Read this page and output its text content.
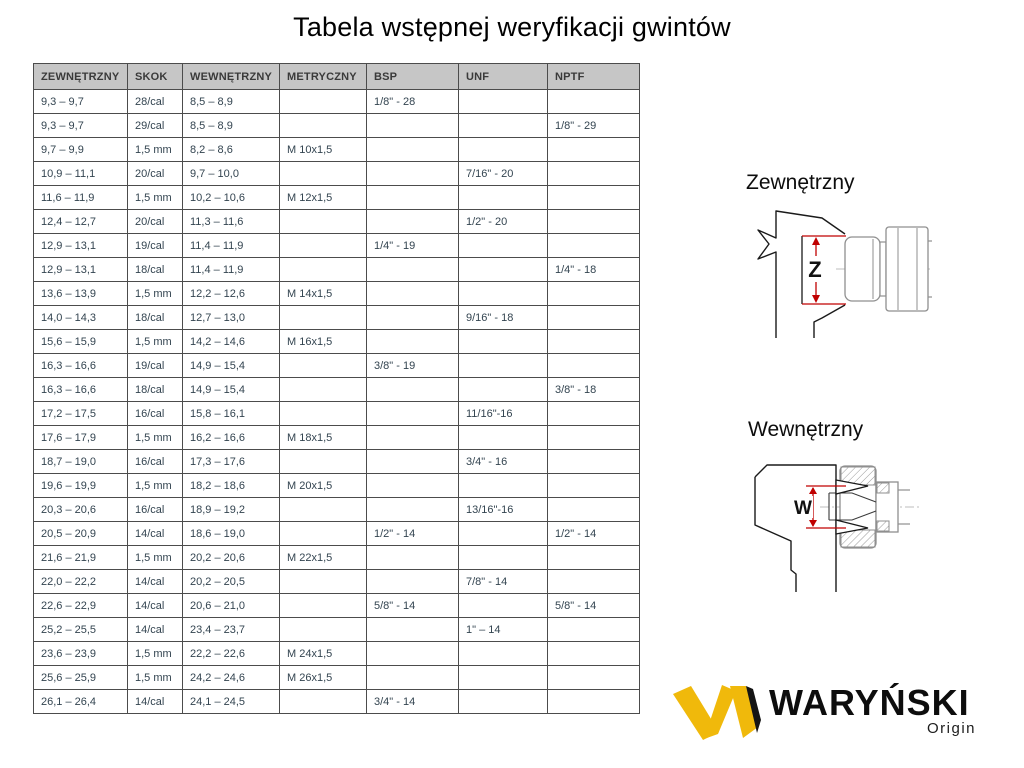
Tabela wstępnej weryfikacji gwintów
ZEWNĘTRZNY	SKOK	WEWNĘTRZNY	METRYCZNY	BSP	UNF	NPTF
9,3 – 9,7	28/cal	8,5 – 8,9		1/8" - 28		
9,3 – 9,7	29/cal	8,5 – 8,9				1/8" - 29
9,7 – 9,9	1,5 mm	8,2 – 8,6	M 10x1,5			
10,9 – 11,1	20/cal	9,7 – 10,0			7/16" - 20	
11,6 – 11,9	1,5 mm	10,2 – 10,6	M 12x1,5			
12,4 – 12,7	20/cal	11,3 – 11,6			1/2" - 20	
12,9 – 13,1	19/cal	11,4 – 11,9		1/4" - 19		
12,9 – 13,1	18/cal	11,4 – 11,9				1/4" - 18
13,6 – 13,9	1,5 mm	12,2 – 12,6	M 14x1,5			
14,0 – 14,3	18/cal	12,7 – 13,0			9/16" - 18	
15,6 – 15,9	1,5 mm	14,2 – 14,6	M 16x1,5			
16,3 – 16,6	19/cal	14,9 – 15,4		3/8" - 19		
16,3 – 16,6	18/cal	14,9 – 15,4				3/8" - 18
17,2 – 17,5	16/cal	15,8 – 16,1			11/16"-16	
17,6 – 17,9	1,5 mm	16,2 – 16,6	M 18x1,5			
18,7 – 19,0	16/cal	17,3 – 17,6			3/4" - 16	
19,6 – 19,9	1,5 mm	18,2 – 18,6	M 20x1,5			
20,3 – 20,6	16/cal	18,9 – 19,2			13/16"-16	
20,5 – 20,9	14/cal	18,6 – 19,0		1/2" - 14		1/2" - 14
21,6 – 21,9	1,5 mm	20,2 – 20,6	M 22x1,5			
22,0 – 22,2	14/cal	20,2 – 20,5			7/8" - 14	
22,6 – 22,9	14/cal	20,6 – 21,0		5/8" - 14		5/8" - 14
25,2 – 25,5	14/cal	23,4 – 23,7			1" – 14	
23,6 – 23,9	1,5 mm	22,2 – 22,6	M 24x1,5			
25,6 – 25,9	1,5 mm	24,2 – 24,6	M 26x1,5			
26,1 – 26,4	14/cal	24,1 – 24,5		3/4" - 14		
Zewnętrzny
Z
Wewnętrzny
W
WARYŃSKI
Origin
